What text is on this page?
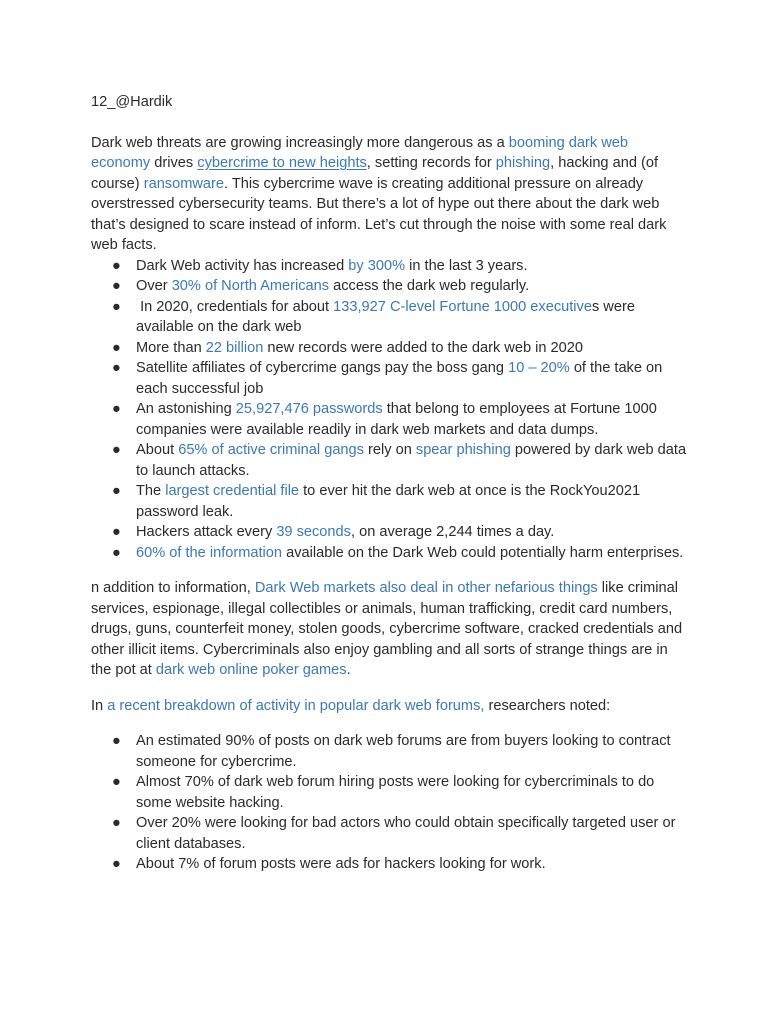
12_@Hardik

Dark web threats are growing increasingly more dangerous as a booming dark web economy drives cybercrime to new heights, setting records for phishing, hacking and (of course) ransomware. This cybercrime wave is creating additional pressure on already overstressed cybersecurity teams. But there’s a lot of hype out there about the dark web that’s designed to scare instead of inform. Let’s cut through the noise with some real dark web facts.

● Dark Web activity has increased by 300% in the last 3 years.
● Over 30% of North Americans access the dark web regularly.
● In 2020, credentials for about 133,927 C-level Fortune 1000 executives were available on the dark web
● More than 22 billion new records were added to the dark web in 2020
● Satellite affiliates of cybercrime gangs pay the boss gang 10 – 20% of the take on each successful job
● An astonishing 25,927,476 passwords that belong to employees at Fortune 1000 companies were available readily in dark web markets and data dumps.
● About 65% of active criminal gangs rely on spear phishing powered by dark web data to launch attacks.
● The largest credential file to ever hit the dark web at once is the RockYou2021 password leak.
● Hackers attack every 39 seconds, on average 2,244 times a day.
● 60% of the information available on the Dark Web could potentially harm enterprises.

n addition to information, Dark Web markets also deal in other nefarious things like criminal services, espionage, illegal collectibles or animals, human trafficking, credit card numbers, drugs, guns, counterfeit money, stolen goods, cybercrime software, cracked credentials and other illicit items. Cybercriminals also enjoy gambling and all sorts of strange things are in the pot at dark web online poker games.

In a recent breakdown of activity in popular dark web forums, researchers noted:

● An estimated 90% of posts on dark web forums are from buyers looking to contract someone for cybercrime.
● Almost 70% of dark web forum hiring posts were looking for cybercriminals to do some website hacking.
● Over 20% were looking for bad actors who could obtain specifically targeted user or client databases.
● About 7% of forum posts were ads for hackers looking for work.
